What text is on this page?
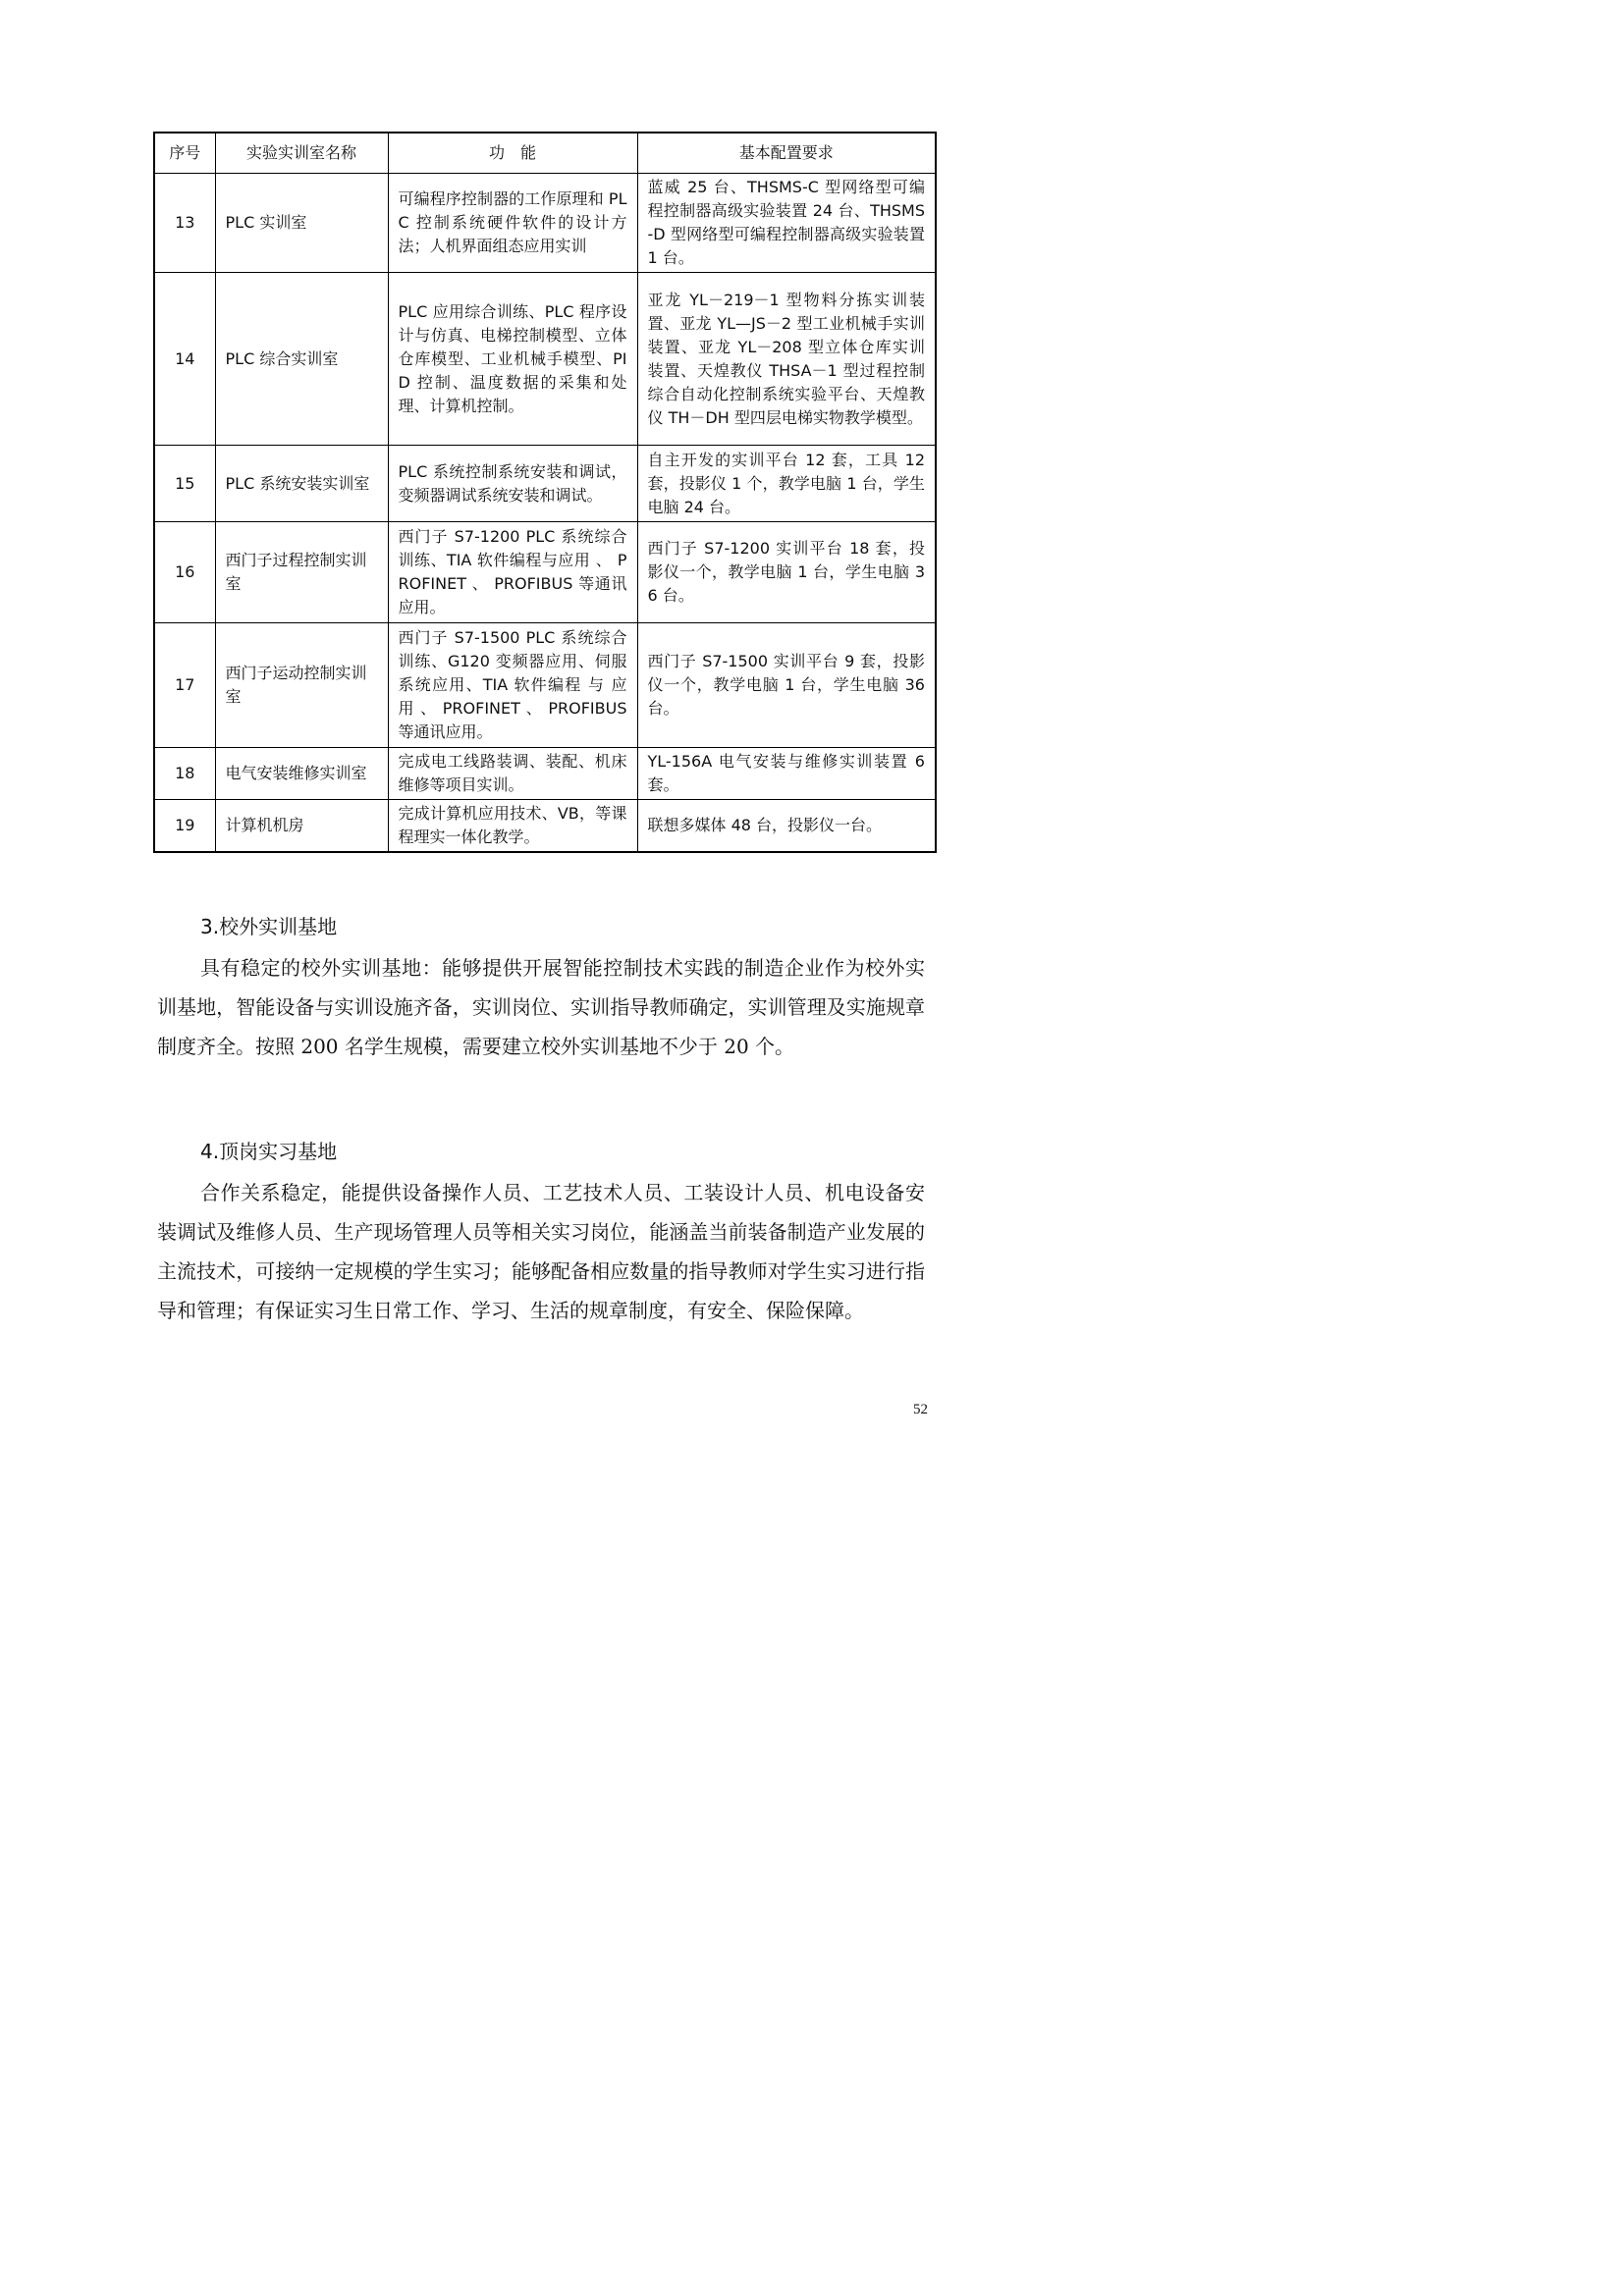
序号	实验实训室名称	功　能	基本配置要求
13	PLC 实训室	可编程序控制器的工作原理和 PLC 控制系统硬件软件的设计方法；人机界面组态应用实训	蓝威 25 台、THSMS-C 型网络型可编程控制器高级实验装置 24 台、THSMS-D 型网络型可编程控制器高级实验装置 1 台。
14	PLC 综合实训室	PLC 应用综合训练、PLC 程序设计与仿真、电梯控制模型、立体仓库模型、工业机械手模型、PID 控制、温度数据的采集和处理、计算机控制。	亚龙 YL－219－1 型物料分拣实训装置、亚龙 YL—JS－2 型工业机械手实训装置、亚龙 YL－208 型立体仓库实训装置、天煌教仪 THSA－1 型过程控制综合自动化控制系统实验平台、天煌教仪 TH－DH 型四层电梯实物教学模型。
15	PLC 系统安装实训室	PLC 系统控制系统安装和调试，变频器调试系统安装和调试。	自主开发的实训平台 12 套，工具 12 套，投影仪 1 个，教学电脑 1 台，学生电脑 24 台。
16	西门子过程控制实训室	西门子 S7-1200 PLC 系统综合训练、TIA 软件编程与应用 、 PROFINET 、 PROFIBUS 等通讯应用。	西门子 S7-1200 实训平台 18 套，投影仪一个，教学电脑 1 台，学生电脑 36 台。
17	西门子运动控制实训室	西门子 S7-1500 PLC 系统综合训练、G120 变频器应用、伺服系统应用、TIA 软件编程 与 应 用 、 PROFINET 、 PROFIBUS 等通讯应用。	西门子 S7-1500 实训平台 9 套，投影仪一个，教学电脑 1 台，学生电脑 36 台。
18	电气安装维修实训室	完成电工线路装调、装配、机床维修等项目实训。	YL-156A 电气安装与维修实训装置 6 套。
19	计算机机房	完成计算机应用技术、VB，等课程理实一体化教学。	联想多媒体 48 台，投影仪一台。
3.校外实训基地

具有稳定的校外实训基地：能够提供开展智能控制技术实践的制造企业作为校外实训基地，智能设备与实训设施齐备，实训岗位、实训指导教师确定，实训管理及实施规章制度齐全。按照 200 名学生规模，需要建立校外实训基地不少于 20 个。

4.顶岗实习基地

合作关系稳定，能提供设备操作人员、工艺技术人员、工装设计人员、机电设备安装调试及维修人员、生产现场管理人员等相关实习岗位，能涵盖当前装备制造产业发展的主流技术，可接纳一定规模的学生实习；能够配备相应数量的指导教师对学生实习进行指导和管理；有保证实习生日常工作、学习、生活的规章制度，有安全、保险保障。

52
